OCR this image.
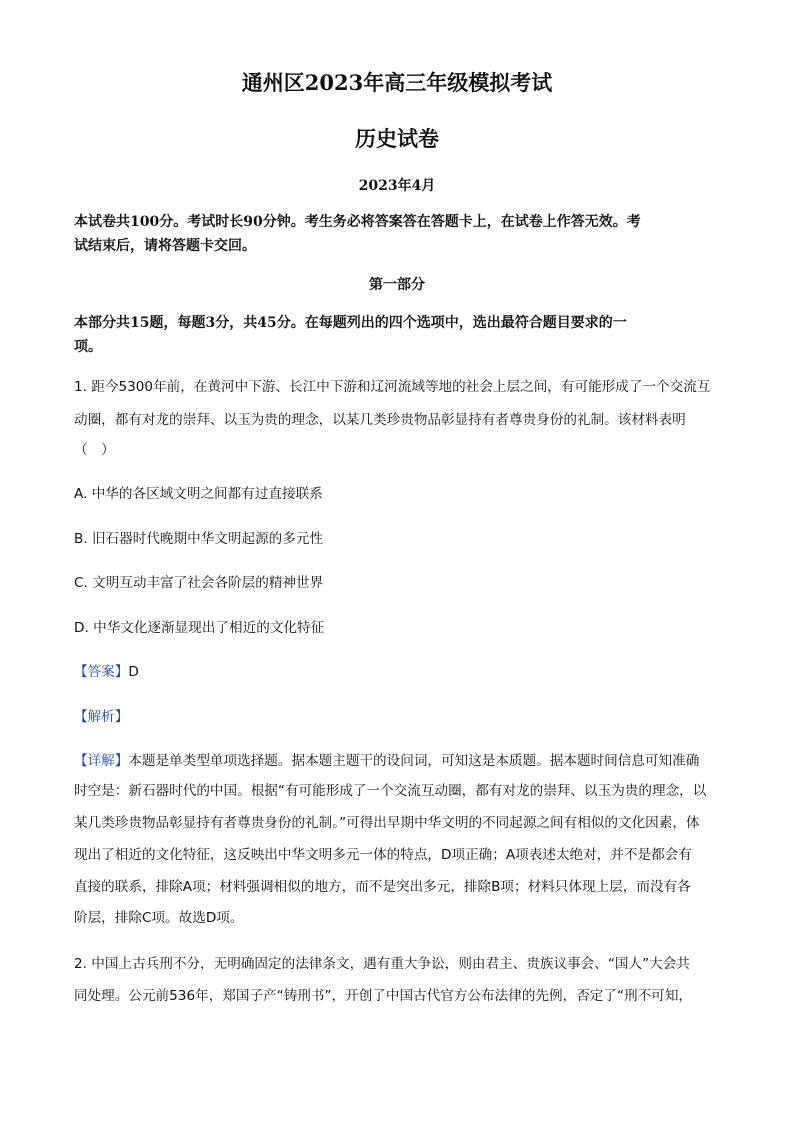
通州区2023年高三年级模拟考试
历史试卷
2023年4月
本试卷共100分。考试时长90分钟。考生务必将答案答在答题卡上，在试卷上作答无效。考
试结束后，请将答题卡交回。
第一部分
本部分共15题，每题3分，共45分。在每题列出的四个选项中，选出最符合题目要求的一
项。
1. 距今5300年前，在黄河中下游、长江中下游和辽河流域等地的社会上层之间，有可能形成了一个交流互
动圈，都有对龙的崇拜、以玉为贵的理念，以某几类珍贵物品彰显持有者尊贵身份的礼制。该材料表明
（　）
A. 中华的各区域文明之间都有过直接联系
B. 旧石器时代晚期中华文明起源的多元性
C. 文明互动丰富了社会各阶层的精神世界
D. 中华文化逐渐显现出了相近的文化特征
【答案】D
【解析】
【详解】本题是单类型单项选择题。据本题主题干的设问词，可知这是本质题。据本题时间信息可知准确
时空是：新石器时代的中国。根据“有可能形成了一个交流互动圈，都有对龙的崇拜、以玉为贵的理念，以
某几类珍贵物品彰显持有者尊贵身份的礼制。”可得出早期中华文明的不同起源之间有相似的文化因素，体
现出了相近的文化特征，这反映出中华文明多元一体的特点，D项正确；A项表述太绝对，并不是都会有
直接的联系，排除A项；材料强调相似的地方，而不是突出多元，排除B项；材料只体现上层，而没有各
阶层，排除C项。故选D项。
2. 中国上古兵刑不分，无明确固定的法律条文，遇有重大争讼，则由君主、贵族议事会、“国人”大会共
同处理。公元前536年，郑国子产“铸刑书”，开创了中国古代官方公布法律的先例，否定了“刑不可知，
